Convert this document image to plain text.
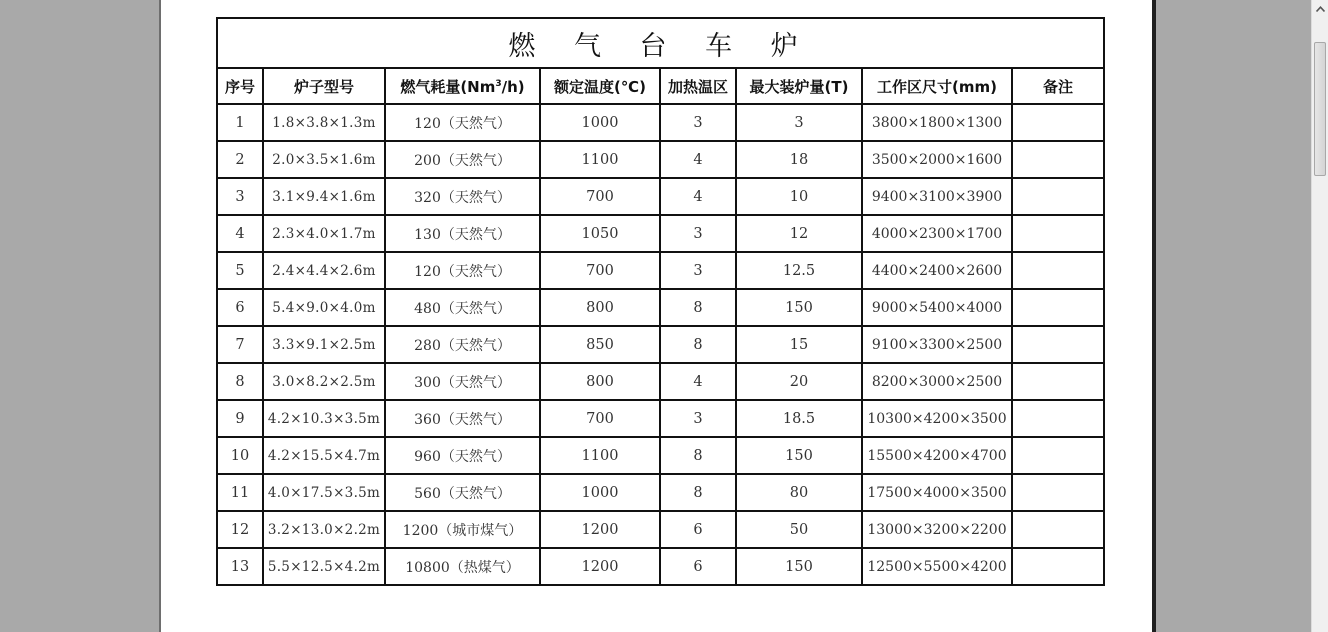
燃 气 台 车 炉							
序号	炉子型号	燃气耗量(Nm$^3$/h)	额定温度(℃)	加热温区	最大装炉量(T)	工作区尺寸(mm)	备注
1	1.8×3.8×1.3m	120（天然气）	1000	3	3	3800×1800×1300	
2	2.0×3.5×1.6m	200（天然气）	1100	4	18	3500×2000×1600	
3	3.1×9.4×1.6m	320（天然气）	700	4	10	9400×3100×3900	
4	2.3×4.0×1.7m	130（天然气）	1050	3	12	4000×2300×1700	
5	2.4×4.4×2.6m	120（天然气）	700	3	12.5	4400×2400×2600	
6	5.4×9.0×4.0m	480（天然气）	800	8	150	9000×5400×4000	
7	3.3×9.1×2.5m	280（天然气）	850	8	15	9100×3300×2500	
8	3.0×8.2×2.5m	300（天然气）	800	4	20	8200×3000×2500	
9	4.2×10.3×3.5m	360（天然气）	700	3	18.5	10300×4200×3500	
10	4.2×15.5×4.7m	960（天然气）	1100	8	150	15500×4200×4700	
11	4.0×17.5×3.5m	560（天然气）	1000	8	80	17500×4000×3500	
12	3.2×13.0×2.2m	1200（城市煤气）	1200	6	50	13000×3200×2200	
13	5.5×12.5×4.2m	10800（热煤气）	1200	6	150	12500×5500×4200	
